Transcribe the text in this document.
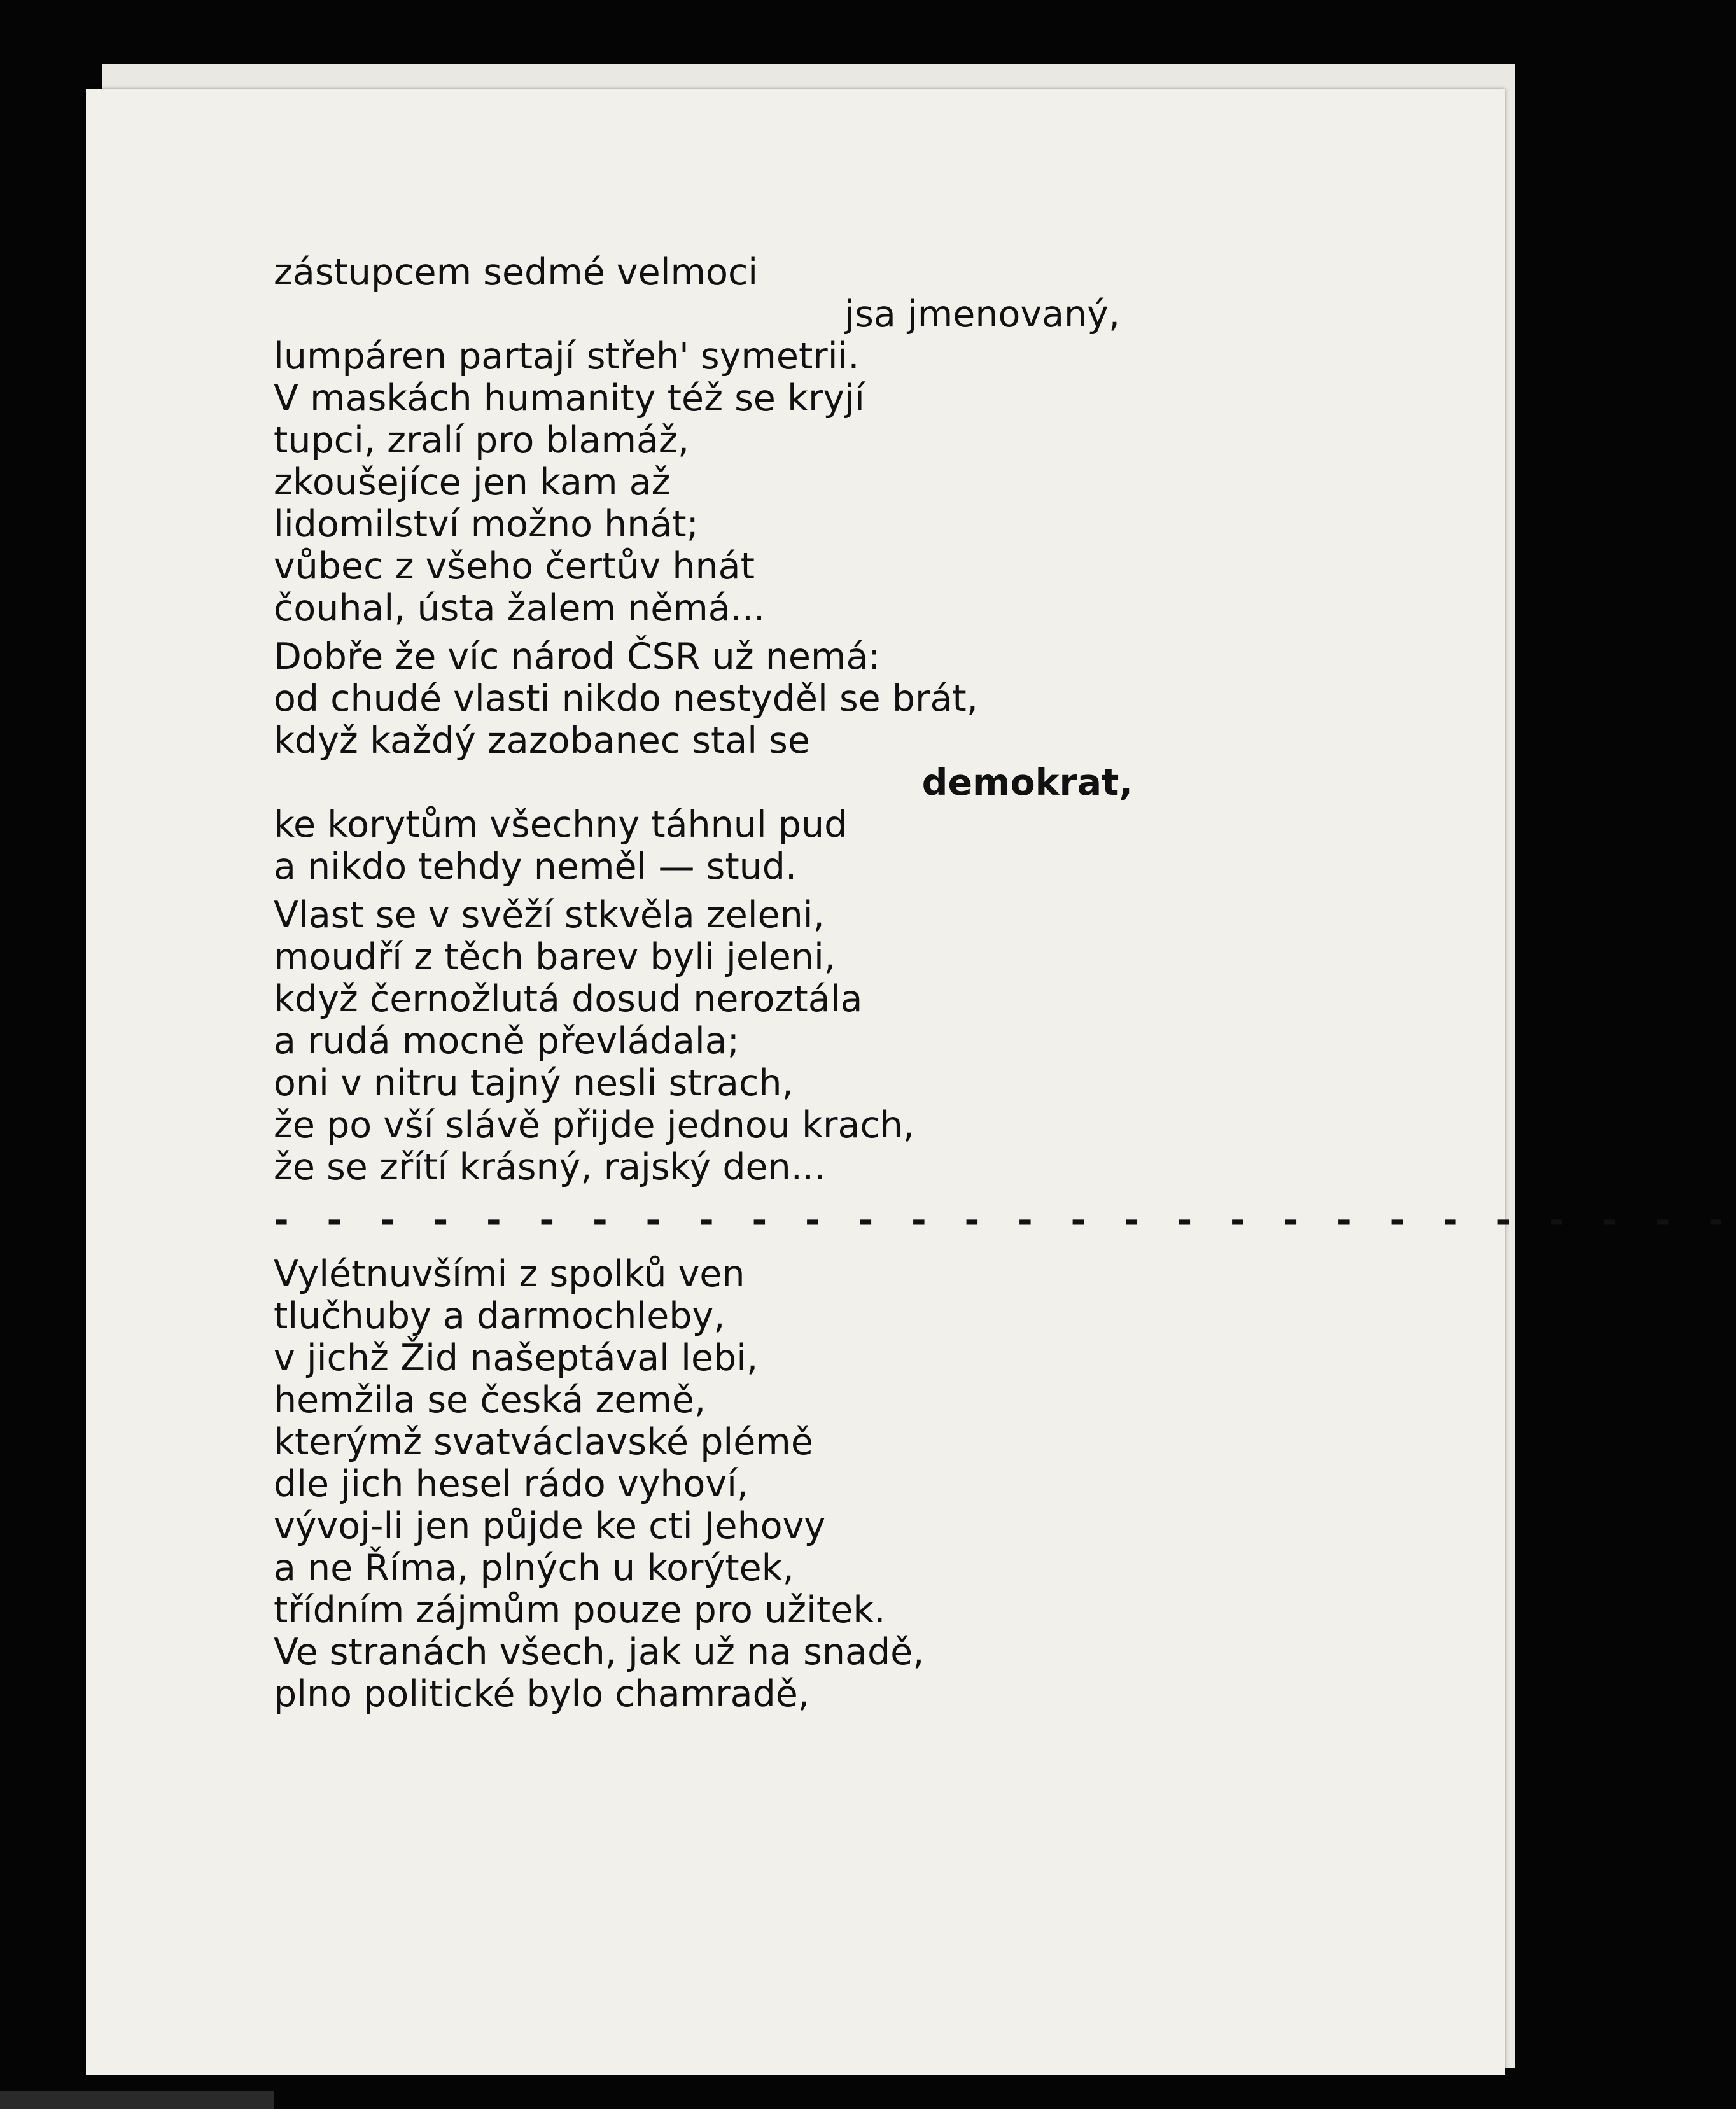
zástupcem sedmé velmoci
jsa jmenovaný,
lumpáren partají střeh' symetrii.
V maskách humanity též se kryjí
tupci, zralí pro blamáž,
zkoušejíce jen kam až
lidomilství možno hnát;
vůbec z všeho čertův hnát
čouhal, ústa žalem němá...
Dobře že víc národ ČSR už nemá:
od chudé vlasti nikdo nestyděl se brát,
když každý zazobanec stal se
demokrat,
ke korytům všechny táhnul pud
a nikdo tehdy neměl — stud.
Vlast se v svěží stkvěla zeleni,
moudří z těch barev byli jeleni,
když černožlutá dosud neroztála
a rudá mocně převládala;
oni v nitru tajný nesli strach,
že po vší slávě přijde jednou krach,
že se zřítí krásný, rajský den...
- - - - - - - - - - - - - - - - - - - - - - - - - - - -
Vylétnuvšími z spolků ven
tlučhuby a darmochleby,
v jichž Žid našeptával lebi,
hemžila se česká země,
kterýmž svatváclavské plémě
dle jich hesel rádo vyhoví,
vývoj-li jen půjde ke cti Jehovy
a ne Říma, plných u korýtek,
třídním zájmům pouze pro užitek.
Ve stranách všech, jak už na snadě,
plno politické bylo chamradě,
